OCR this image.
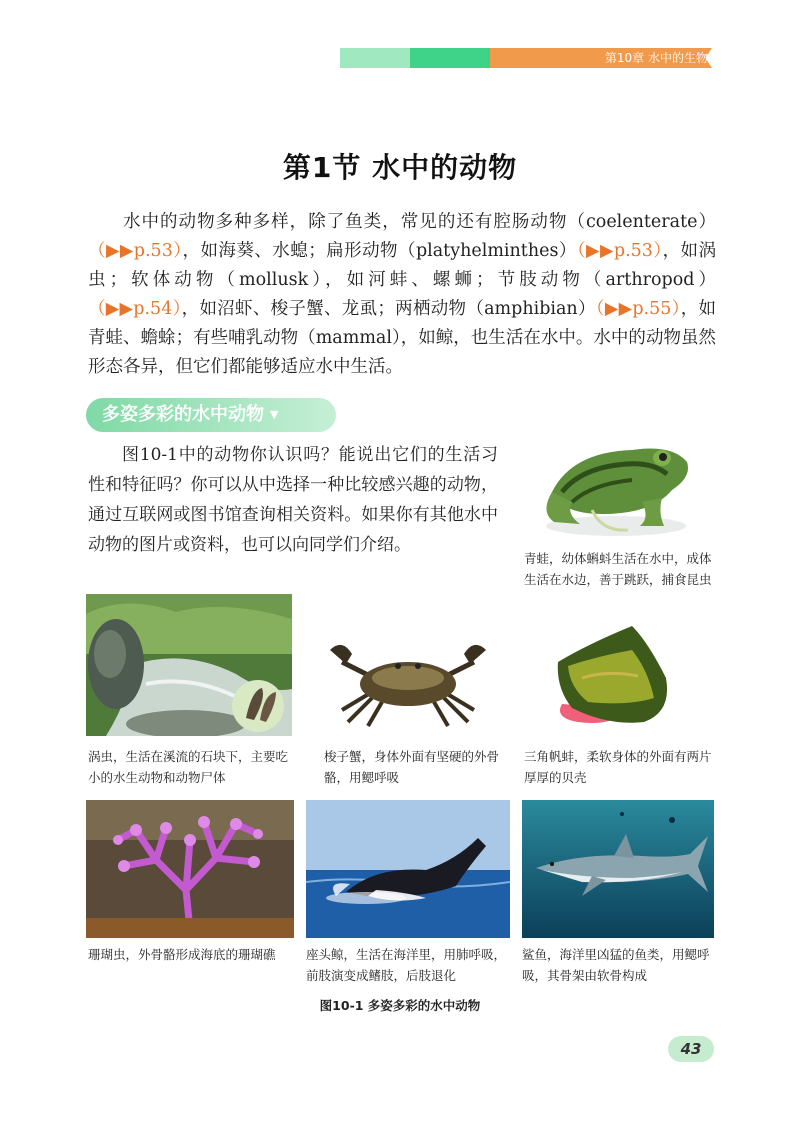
第10章 水中的生物
第1节 水中的动物

水中的动物多种多样，除了鱼类，常见的还有腔肠动物（coelenterate）（▶▶p.53），如海葵、水螅；扁形动物（platyhelminthes）（▶▶p.53），如涡虫；软体动物（mollusk），如河蚌、螺蛳；节肢动物（arthropod）（▶▶p.54），如沼虾、梭子蟹、龙虱；两栖动物（amphibian）（▶▶p.55），如青蛙、蟾蜍；有些哺乳动物（mammal），如鲸，也生活在水中。水中的动物虽然形态各异，但它们都能够适应水中生活。

多姿多彩的水中动物 ▼

图10-1中的动物你认识吗？能说出它们的生活习性和特征吗？你可以从中选择一种比较感兴趣的动物，通过互联网或图书馆查询相关资料。如果你有其他水中动物的图片或资料，也可以向同学们介绍。

青蛙，幼体蝌蚪生活在水中，成体生活在水边，善于跳跃，捕食昆虫
涡虫，生活在溪流的石块下，主要吃小的水生动物和动物尸体
梭子蟹，身体外面有坚硬的外骨骼，用鳃呼吸
三角帆蚌，柔软身体的外面有两片厚厚的贝壳
珊瑚虫，外骨骼形成海底的珊瑚礁	座头鲸，生活在海洋里，用肺呼吸，前肢演变成鳍肢，后肢退化
鲨鱼，海洋里凶猛的鱼类，用鳃呼吸，其骨架由软骨构成
图10-1 多姿多彩的水中动物
43
